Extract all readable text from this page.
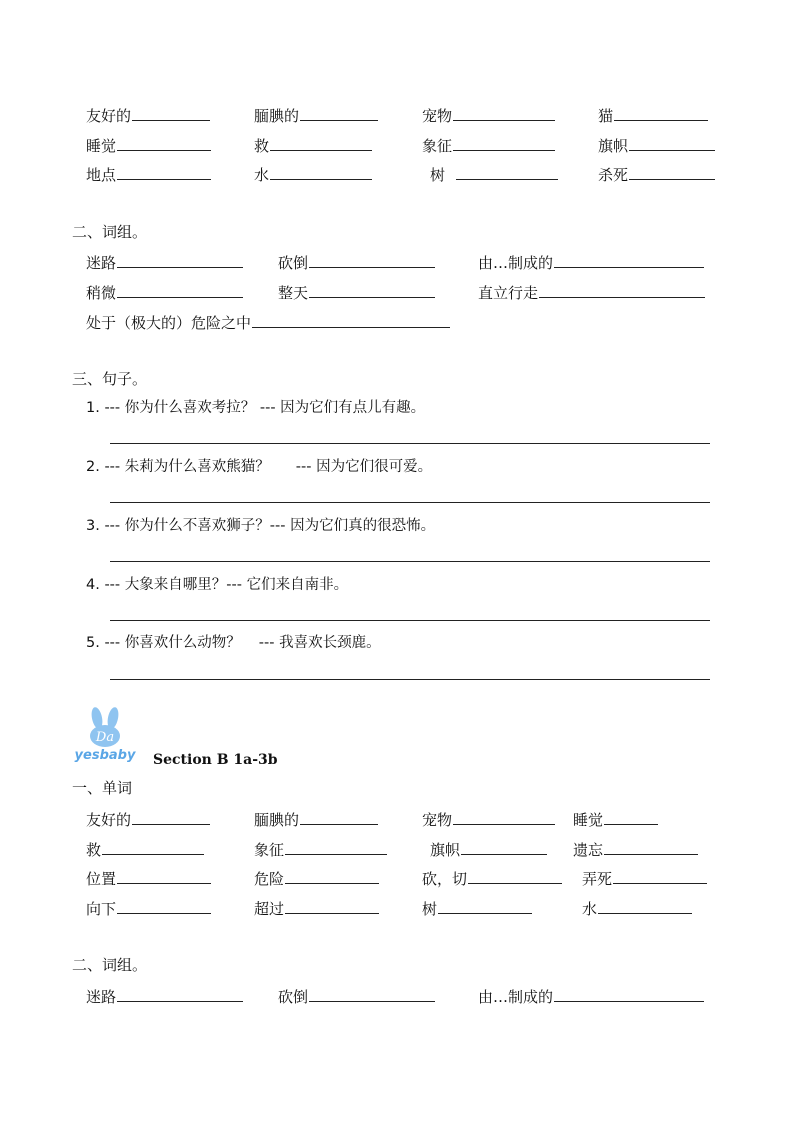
友好的	腼腆的	宠物	猫
睡觉	救	象征	旗帜
地点	水	树	杀死
二、词组。
迷路	砍倒	由…制成的
稍微	整天	直立行走
处于（极大的）危险之中
三、句子。
1. --- 你为什么喜欢考拉？ --- 因为它们有点儿有趣。
2. --- 朱莉为什么喜欢熊猫？ --- 因为它们很可爱。
3. --- 你为什么不喜欢狮子？--- 因为它们真的很恐怖。
4. --- 大象来自哪里？--- 它们来自南非。
5. --- 你喜欢什么动物？ --- 我喜欢长颈鹿。
Da
yesbaby Section B 1a-3b
一、单词
友好的	腼腆的	宠物	睡觉
救	象征	旗帜	遗忘
位置	危险	砍，切	弄死
向下	超过	树	水
二、词组。
迷路	砍倒	由…制成的
